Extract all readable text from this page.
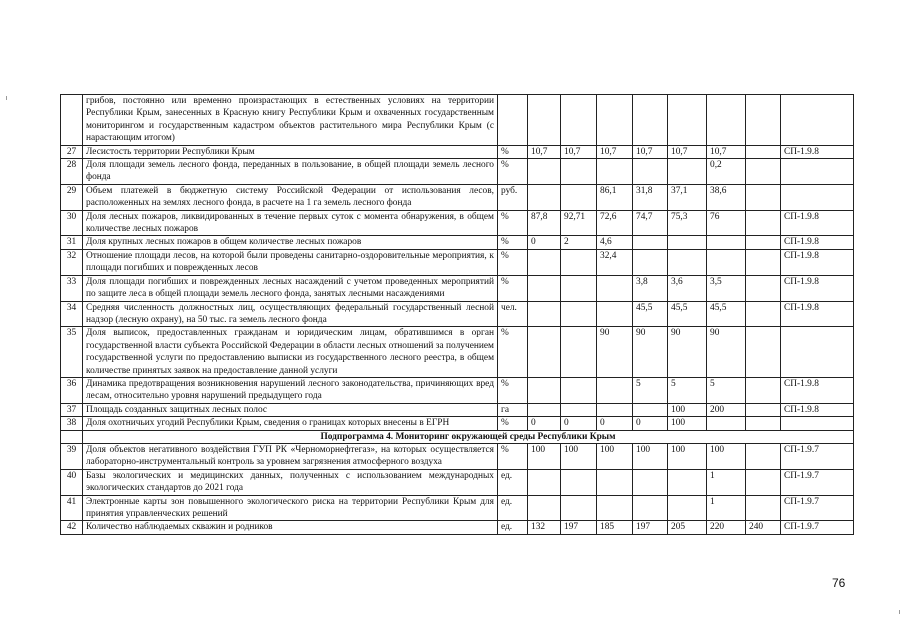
	грибов, постоянно или временно произрастающих в естественных условиях на территории Республики Крым, занесенных в Красную книгу Республики Крым и охваченных государственным мониторингом и государственным кадастром объектов растительного мира Республики Крым (с нарастающим итогом)									
27	Лесистость территории Республики Крым	%	10,7	10,7	10,7	10,7	10,7	10,7		СП-1.9.8
28	Доля площади земель лесного фонда, переданных в пользование, в общей площади земель лесного фонда	%						0,2		
29	Объем платежей в бюджетную систему Российской Федерации от использования лесов, расположенных на землях лесного фонда, в расчете на 1 га земель лесного фонда	руб.			86,1	31,8	37,1	38,6		
30	Доля лесных пожаров, ликвидированных в течение первых суток с момента обнаружения, в общем количестве лесных пожаров	%	87,8	92,71	72,6	74,7	75,3	76		СП-1.9.8
31	Доля крупных лесных пожаров в общем количестве лесных пожаров	%	0	2	4,6					СП-1.9.8
32	Отношение площади лесов, на которой были проведены санитарно-оздоровительные мероприятия, к площади погибших и поврежденных лесов	%			32,4					СП-1.9.8
33	Доля площади погибших и поврежденных лесных насаждений с учетом проведенных мероприятий по защите леса в общей площади земель лесного фонда, занятых лесными насаждениями	%				3,8	3,6	3,5		СП-1.9.8
34	Средняя численность должностных лиц, осуществляющих федеральный государственный лесной надзор (лесную охрану), на 50 тыс. га земель лесного фонда	чел.				45,5	45,5	45,5		СП-1.9.8
35	Доля выписок, предоставленных гражданам и юридическим лицам, обратившимся в орган государственной власти субъекта Российской Федерации в области лесных отношений за получением государственной услуги по предоставлению выписки из государственного лесного реестра, в общем количестве принятых заявок на предоставление данной услуги	%			90	90	90	90		
36	Динамика предотвращения возникновения нарушений лесного законодательства, причиняющих вред лесам, относительно уровня нарушений предыдущего года	%				5	5	5		СП-1.9.8
37	Площадь созданных защитных лесных полос	га					100	200		СП-1.9.8
38	Доля охотничьих угодий Республики Крым, сведения о границах которых внесены в ЕГРН	%	0	0	0	0	100			
	Подпрограмма 4. Мониторинг окружающей среды Республики Крым									
39	Доля объектов негативного воздействия ГУП РК «Черноморнефтегаз», на которых осуществляется лабораторно-инструментальный контроль за уровнем загрязнения атмосферного воздуха	%	100	100	100	100	100	100		СП-1.9.7
40	Базы экологических и медицинских данных, полученных с использованием международных экологических стандартов до 2021 года	ед.						1		СП-1.9.7
41	Электронные карты зон повышенного экологического риска на территории Республики Крым для принятия управленческих решений	ед.						1		СП-1.9.7
42	Количество наблюдаемых скважин и родников	ед.	132	197	185	197	205	220	240	СП-1.9.7
76
